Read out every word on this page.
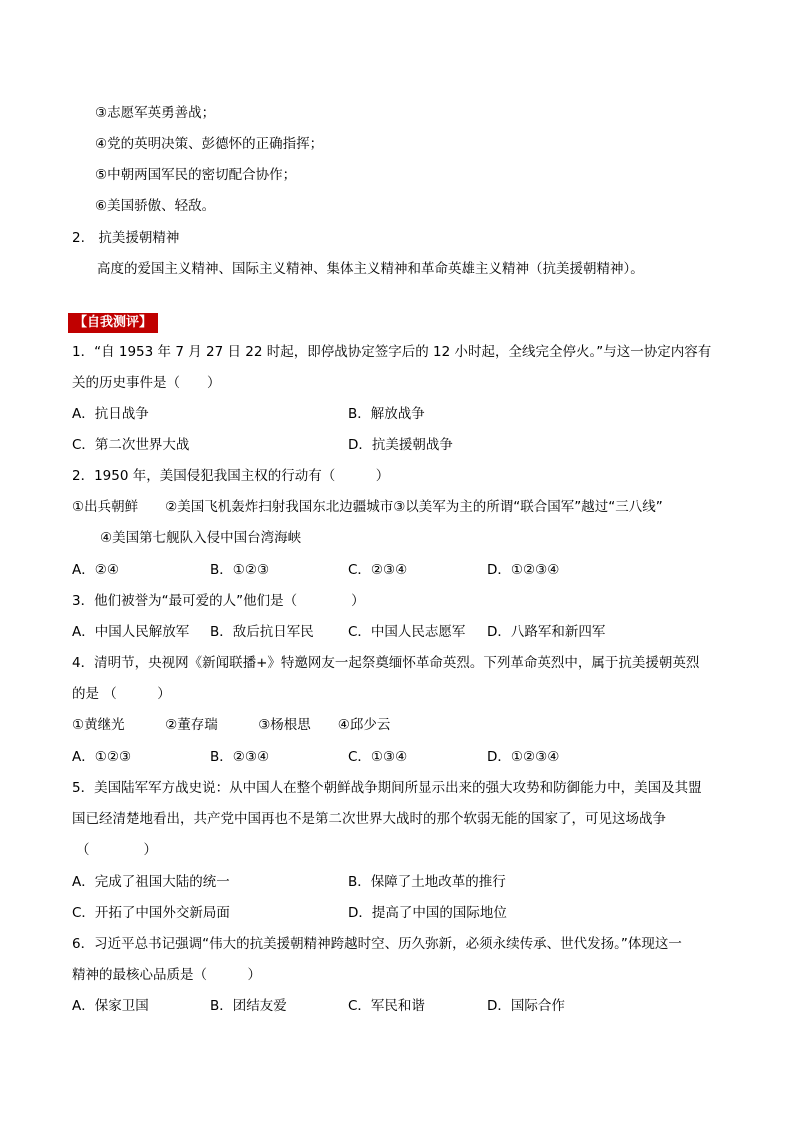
③志愿军英勇善战；
④党的英明决策、彭德怀的正确指挥；
⑤中朝两国军民的密切配合协作；
⑥美国骄傲、轻敌。
2.　抗美援朝精神
高度的爱国主义精神、国际主义精神、集体主义精神和革命英雄主义精神（抗美援朝精神）。
【自我测评】
1．“自 1953 年 7 月 27 日 22 时起，即停战协定签字后的 12 小时起，全线完全停火。”与这一协定内容有
关的历史事件是（　　）
A．抗日战争	B．解放战争
C．第二次世界大战	D．抗美援朝战争
2．1950 年，美国侵犯我国主权的行动有（　　　）
①出兵朝鲜　　②美国飞机轰炸扫射我国东北边疆城市③以美军为主的所谓“联合国军”越过“三八线”
④美国第七舰队入侵中国台湾海峡
A．②④	B．①②③	C．②③④	D．①②③④
3．他们被誉为“最可爱的人”他们是（　　　　）
A．中国人民解放军 B．敌后抗日军民	C．中国人民志愿军 D．八路军和新四军
4．清明节，央视网《新闻联播+》特邀网友一起祭奠缅怀革命英烈。下列革命英烈中，属于抗美援朝英烈
的是 （　　　）
①黄继光　　　②董存瑞　　　③杨根思　　④邱少云
A．①②③	B．②③④	C．①③④	D．①②③④
5．美国陆军军方战史说：从中国人在整个朝鲜战争期间所显示出来的强大攻势和防御能力中，美国及其盟
国已经清楚地看出，共产党中国再也不是第二次世界大战时的那个软弱无能的国家了，可见这场战争
（　　　　）
A．完成了祖国大陆的统一	B．保障了土地改革的推行
C．开拓了中国外交新局面	D．提高了中国的国际地位
6．习近平总书记强调“伟大的抗美援朝精神跨越时空、历久弥新，必须永续传承、世代发扬。”体现这一
精神的最核心品质是（　　　）
A．保家卫国	B．团结友爱	C．军民和谐	D．国际合作
